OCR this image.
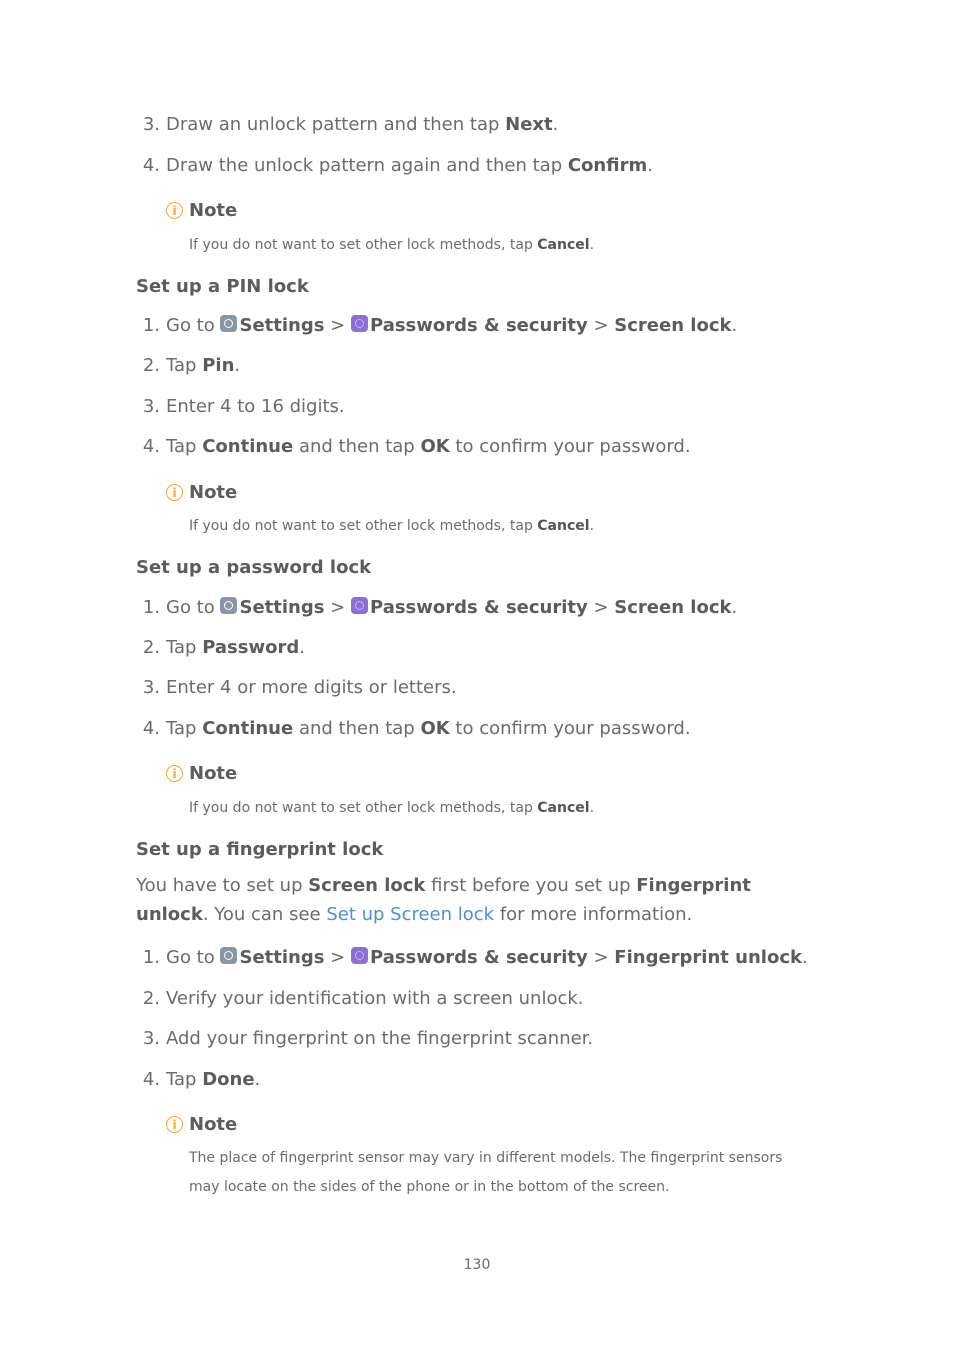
3. Draw an unlock pattern and then tap Next.
4. Draw the unlock pattern again and then tap Confirm.
i Note
If you do not want to set other lock methods, tap Cancel.
Set up a PIN lock
1. Go to Settings > Passwords & security > Screen lock.
2. Tap Pin.
3. Enter 4 to 16 digits.
4. Tap Continue and then tap OK to confirm your password.
i Note
If you do not want to set other lock methods, tap Cancel.
Set up a password lock
1. Go to Settings > Passwords & security > Screen lock.
2. Tap Password.
3. Enter 4 or more digits or letters.
4. Tap Continue and then tap OK to confirm your password.
i Note
If you do not want to set other lock methods, tap Cancel.
Set up a fingerprint lock
You have to set up Screen lock first before you set up Fingerprint unlock. You can see Set up Screen lock for more information.
1. Go to Settings > Passwords & security > Fingerprint unlock.
2. Verify your identification with a screen unlock.
3. Add your fingerprint on the fingerprint scanner.
4. Tap Done.
i Note
The place of fingerprint sensor may vary in different models. The fingerprint sensors
may locate on the sides of the phone or in the bottom of the screen.
130
